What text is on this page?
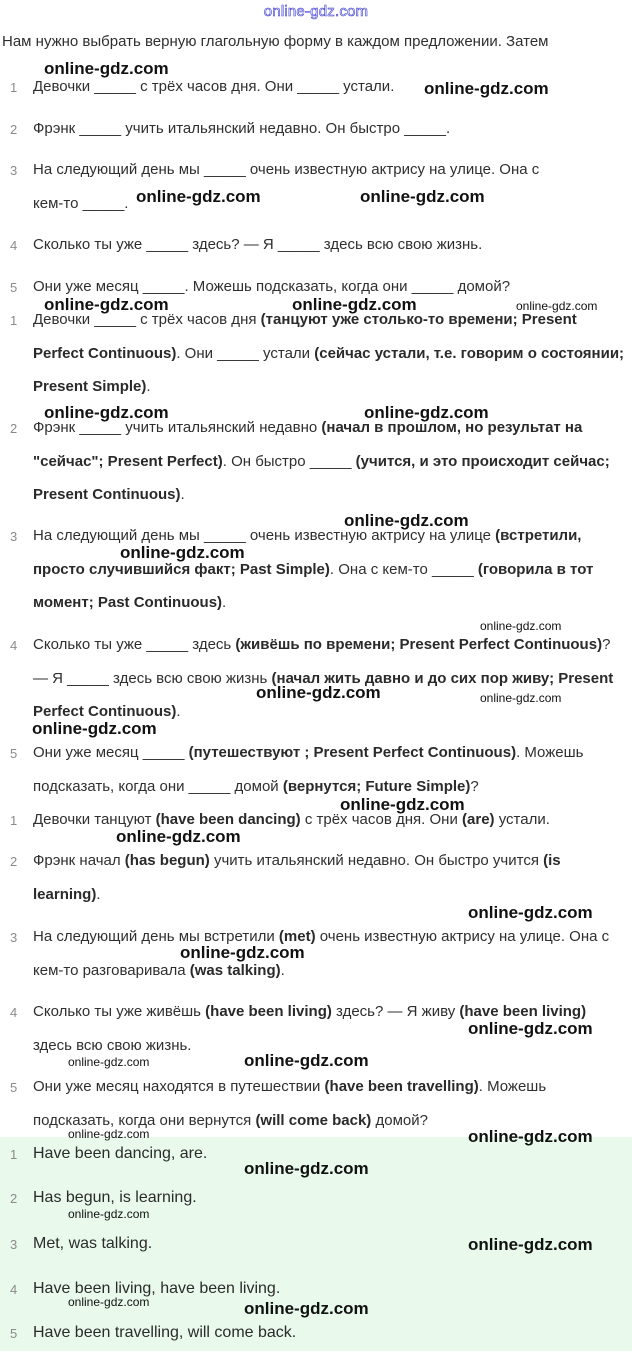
online-gdz.com
Нам нужно выбрать верную глагольную форму в каждом предложении. Затем
1	Девочки _____ с трёх часов дня. Они _____ устали.
2	Фрэнк _____ учить итальянский недавно. Он быстро _____.
3	На следующий день мы _____ очень известную актрису на улице. Она с
кем-то _____.
4	Сколько ты уже _____ здесь? — Я _____ здесь всю свою жизнь.
5	Они уже месяц _____. Можешь подсказать, когда они _____ домой?
1	Девочки _____ с трёх часов дня (танцуют уже столько-то времени; Present Perfect Continuous). Они _____ устали (сейчас устали, т.е. говорим о состоянии; Present Simple).
2	Фрэнк _____ учить итальянский недавно (начал в прошлом, но результат на "сейчас"; Present Perfect). Он быстро _____ (учится, и это происходит сейчас; Present Continuous).
3	На следующий день мы _____ очень известную актрису на улице (встретили, просто случившийся факт; Past Simple). Она с кем-то _____ (говорила в тот момент; Past Continuous).
4	Сколько ты уже _____ здесь (живёшь по времени; Present Perfect Continuous)? — Я _____ здесь всю свою жизнь (начал жить давно и до сих пор живу; Present Perfect Continuous).
5	Они уже месяц _____ (путешествуют ; Present Perfect Continuous). Можешь подсказать, когда они _____ домой (вернутся; Future Simple)?
1	Девочки танцуют (have been dancing) с трёх часов дня. Они (are) устали.
2	Фрэнк начал (has begun) учить итальянский недавно. Он быстро учится (is learning).
3	На следующий день мы встретили (met) очень известную актрису на улице. Она с кем-то разговаривала (was talking).
4	Сколько ты уже живёшь (have been living) здесь? — Я живу (have been living) здесь всю свою жизнь.
5	Они уже месяц находятся в путешествии (have been travelling). Можешь подсказать, когда они вернутся (will come back) домой?
1 Have been dancing, are.
2 Has begun, is learning.
3 Met, was talking.
4 Have been living, have been living.
5 Have been travelling, will come back.
online-gdz.com
online-gdz.com
online-gdz.com	online-gdz.com
online-gdz.com	online-gdz.com	online-gdz.com
online-gdz.com	online-gdz.com
online-gdz.com
online-gdz.com
online-gdz.com
online-gdz.com	online-gdz.com
online-gdz.com
online-gdz.com
online-gdz.com
online-gdz.com
online-gdz.com
online-gdz.com
online-gdz.com	online-gdz.com
online-gdz.com	online-gdz.com
online-gdz.com
online-gdz.com
online-gdz.com
online-gdz.com	online-gdz.com
